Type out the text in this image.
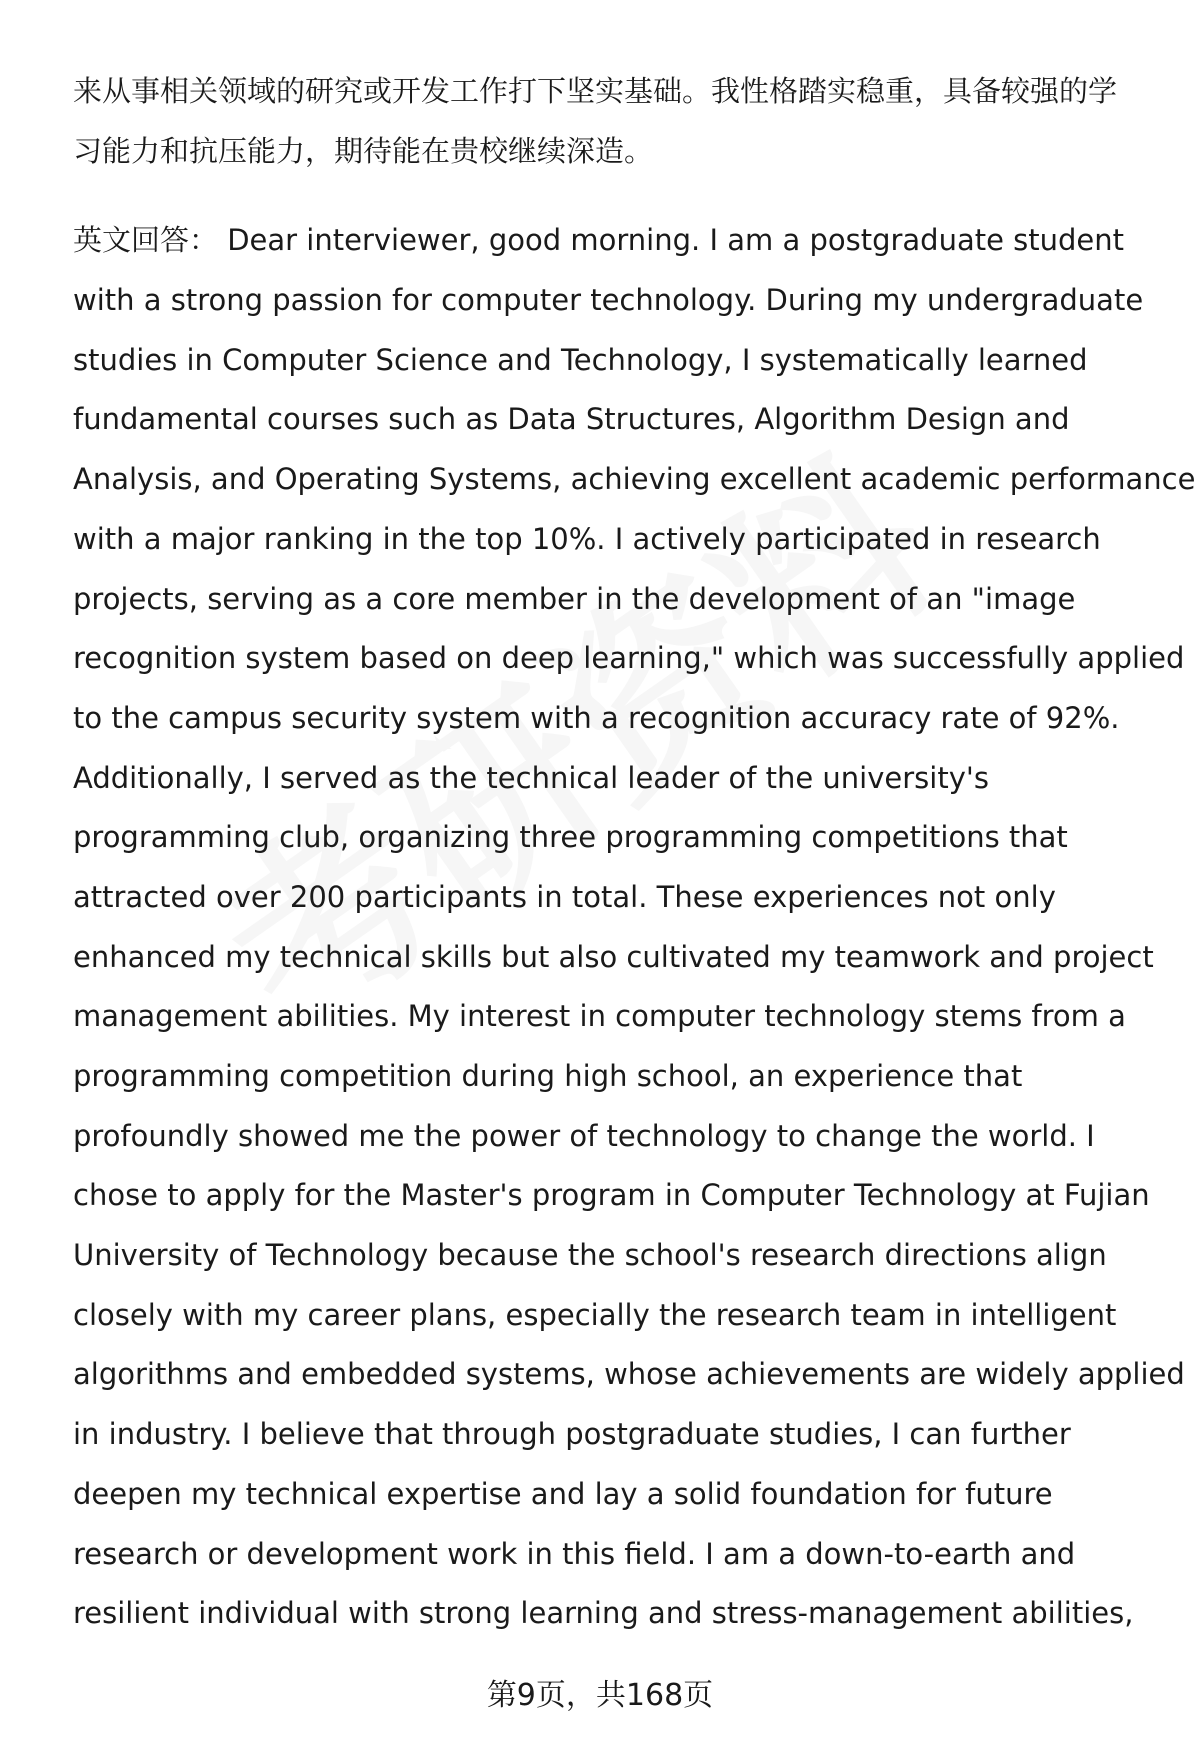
来从事相关领域的研究或开发工作打下坚实基础。我性格踏实稳重，具备较强的学
习能力和抗压能力，期待能在贵校继续深造。
英文回答： Dear interviewer, good morning. I am a postgraduate student
with a strong passion for computer technology. During my undergraduate
studies in Computer Science and Technology, I systematically learned
fundamental courses such as Data Structures, Algorithm Design and
Analysis, and Operating Systems, achieving excellent academic performance
with a major ranking in the top 10%. I actively participated in research
projects, serving as a core member in the development of an "image
recognition system based on deep learning," which was successfully applied
to the campus security system with a recognition accuracy rate of 92%.
Additionally, I served as the technical leader of the university's
programming club, organizing three programming competitions that
attracted over 200 participants in total. These experiences not only
enhanced my technical skills but also cultivated my teamwork and project
management abilities. My interest in computer technology stems from a
programming competition during high school, an experience that
profoundly showed me the power of technology to change the world. I
chose to apply for the Master's program in Computer Technology at Fujian
University of Technology because the school's research directions align
closely with my career plans, especially the research team in intelligent
algorithms and embedded systems, whose achievements are widely applied
in industry. I believe that through postgraduate studies, I can further
deepen my technical expertise and lay a solid foundation for future
research or development work in this field. I am a down-to-earth and
resilient individual with strong learning and stress-management abilities,
第9页，共168页
